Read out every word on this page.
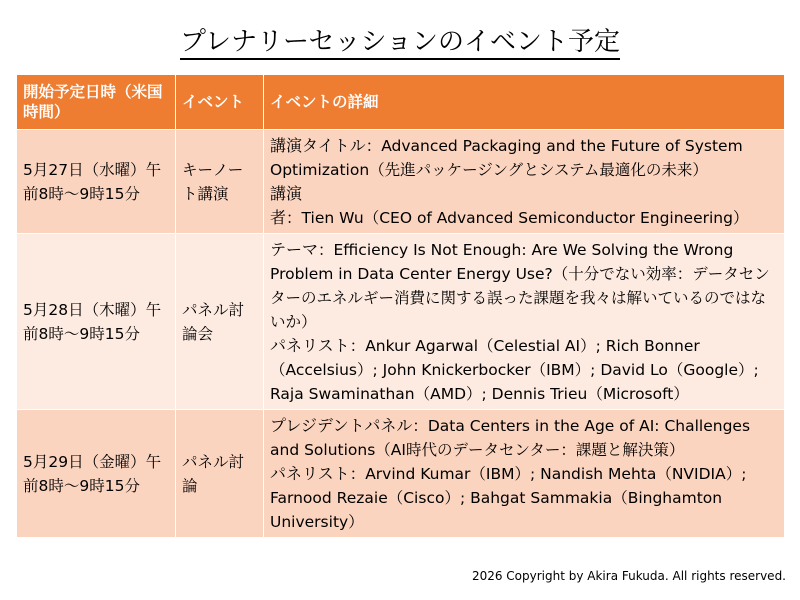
プレナリーセッションのイベント予定
開始予定日時（米国時間）	イベント	イベントの詳細
5月27日（水曜）午前8時～9時15分	キーノート講演	講演タイトル：Advanced Packaging and the Future of System Optimization（先進パッケージングとシステム最適化の未来）
講演者：Tien Wu（CEO of Advanced Semiconductor Engineering）

5月28日（木曜）午前8時～9時15分	パネル討論会	テーマ：Efficiency Is Not Enough: Are We Solving the Wrong Problem in Data Center Energy Use?（十分でない効率：データセンターのエネルギー消費に関する誤った課題を我々は解いているのではないか）
パネリスト：Ankur Agarwal（Celestial AI）; Rich Bonner（Accelsius）; John Knickerbocker（IBM）; David Lo（Google）; Raja Swaminathan（AMD）; Dennis Trieu（Microsoft）

5月29日（金曜）午前8時～9時15分	パネル討論	プレジデントパネル：Data Centers in the Age of AI: Challenges and Solutions（AI時代のデータセンター：課題と解決策）
パネリスト：Arvind Kumar（IBM）; Nandish Mehta（NVIDIA）; Farnood Rezaie（Cisco）; Bahgat Sammakia（Binghamton University）
2026 Copyright by Akira Fukuda. All rights reserved.
